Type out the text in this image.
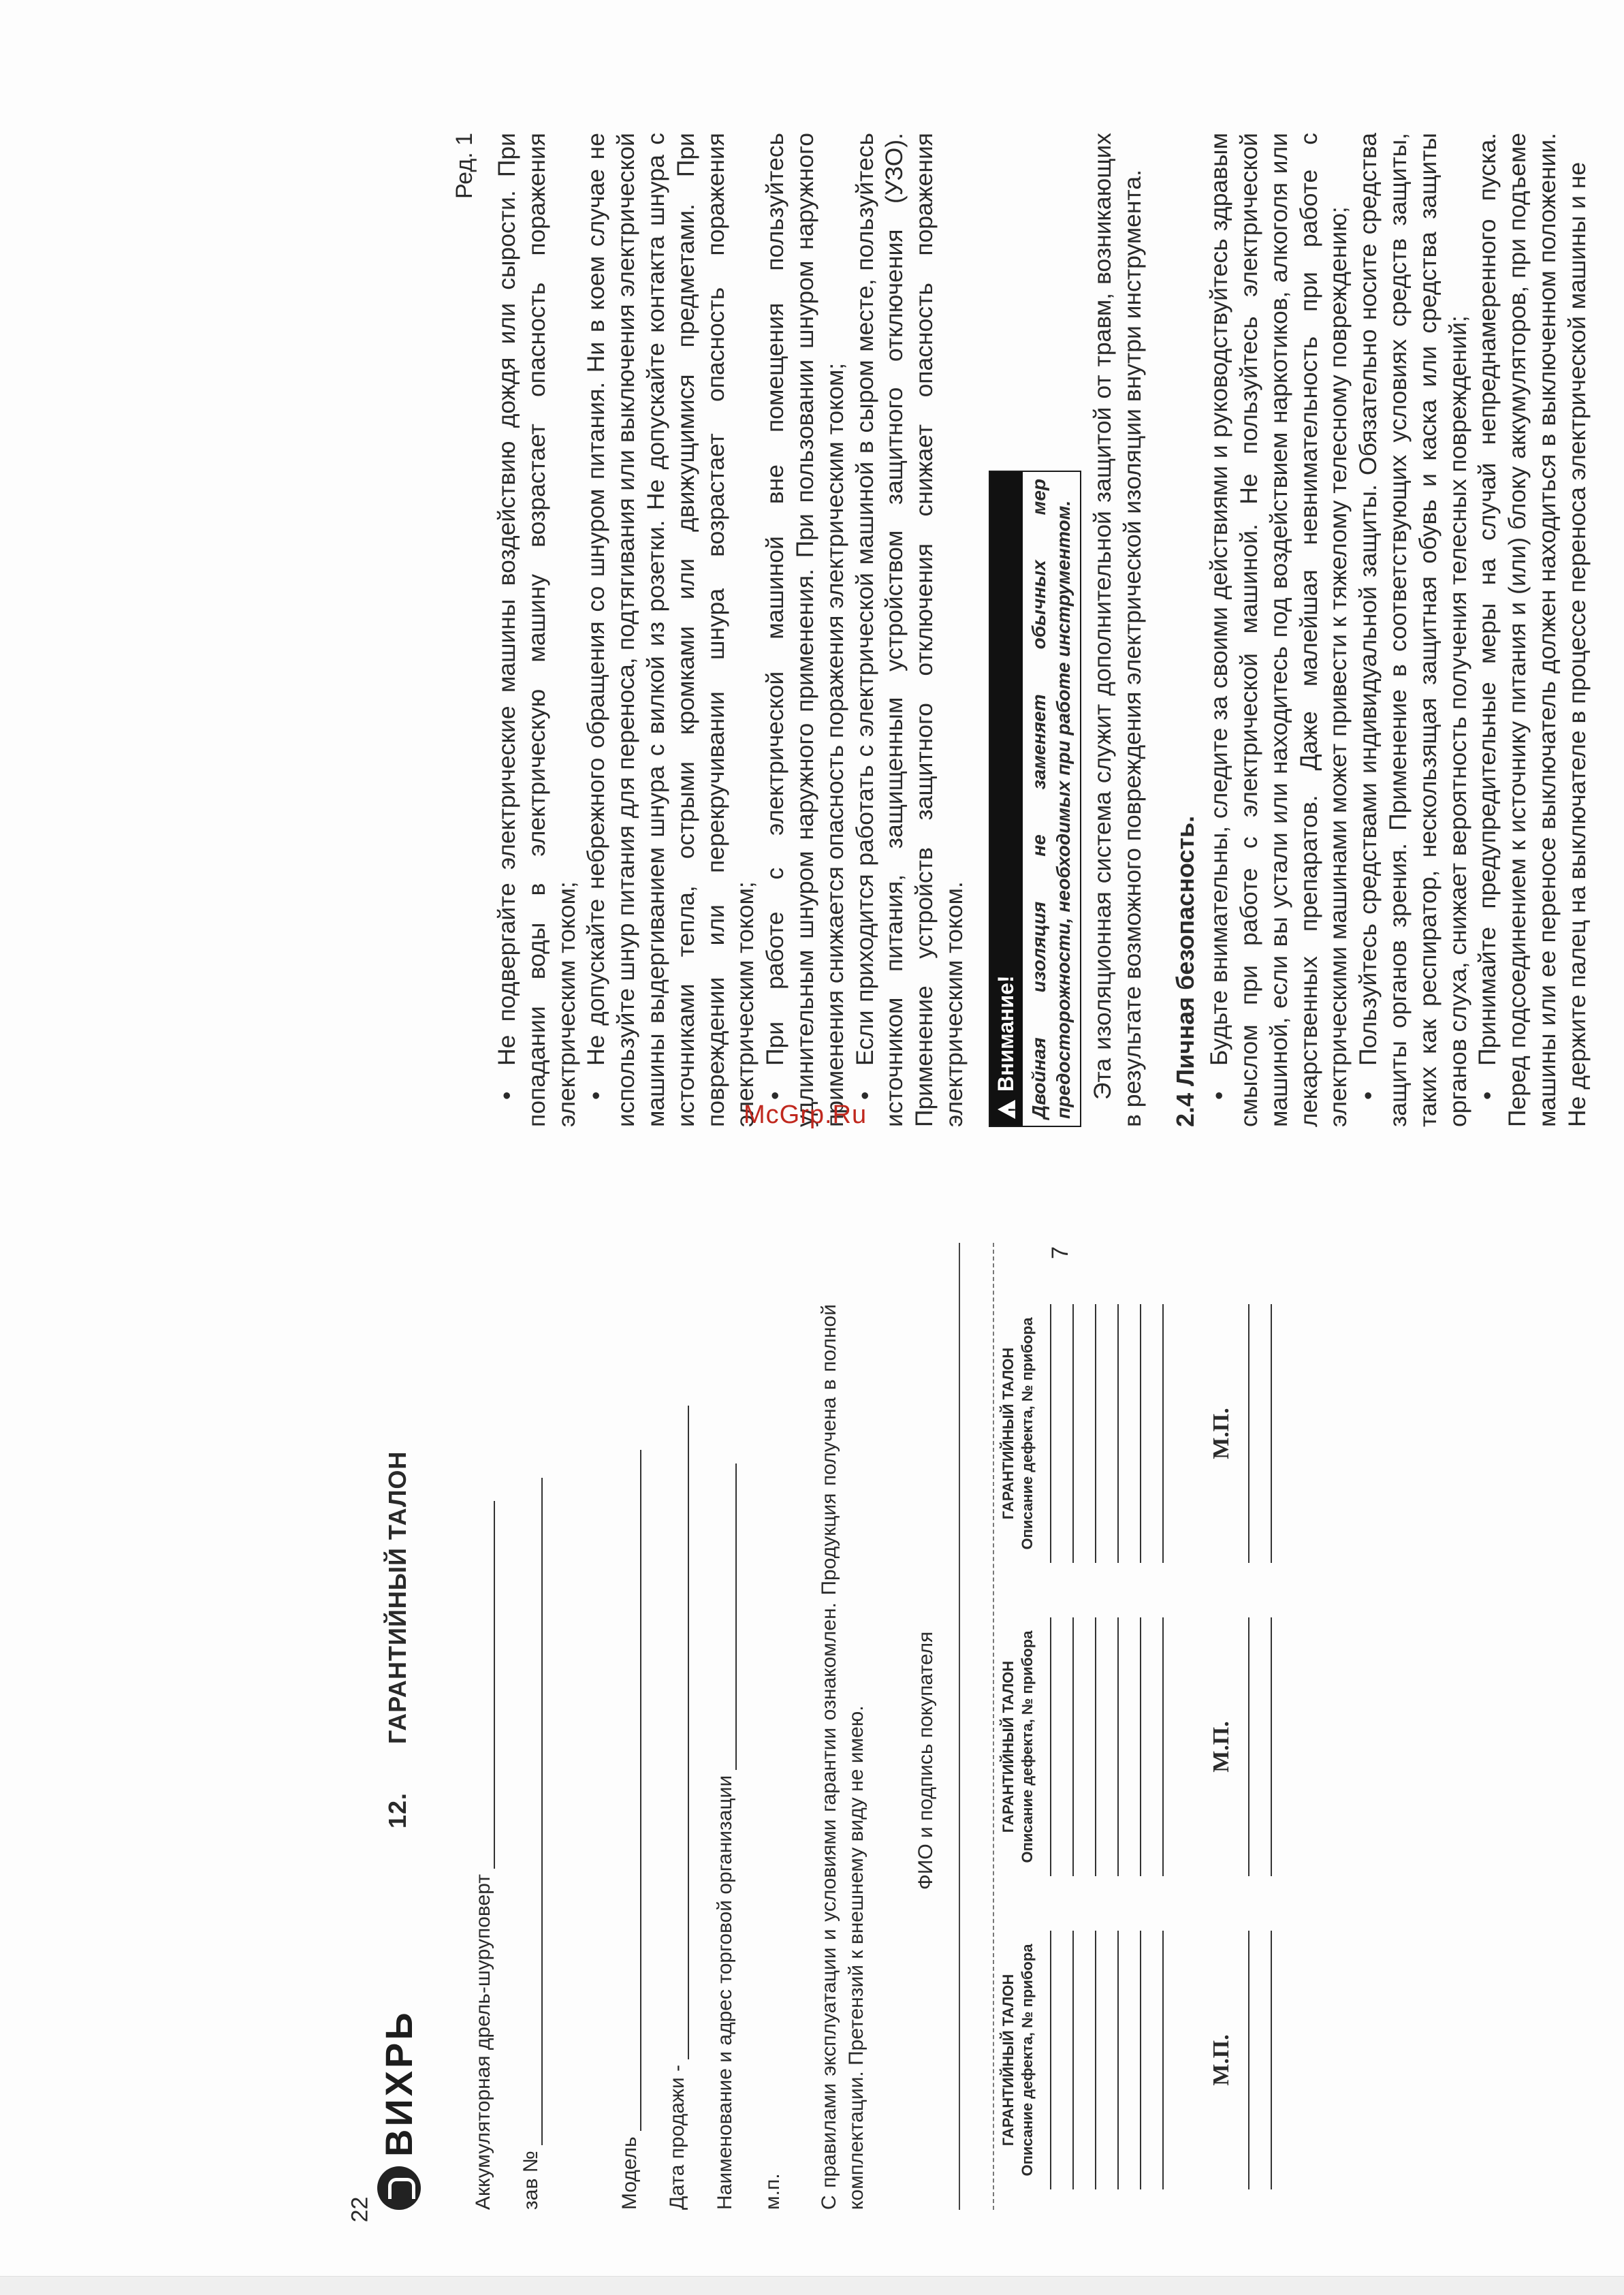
Ред. 1 • Не подвергайте электрические машины воздействию дождя или сырости. При попадании воды в электрическую машину возрастает опасность поражения электрическим током; • Не допускайте небрежного обращения со шнуром питания. Ни в коем случае не используйте шнур питания для переноса, подтягивания или выключения электрической машины выдергиванием шнура с вилкой из розетки. Не допускайте контакта шнура с источниками тепла, острыми кромками или движущимися предметами. При повреждении или перекручивании шнура возрастает опасность поражения электрическим током; • При работе с электрической машиной вне помещения пользуйтесь удлинительным шнуром наружного применения. При пользовании шнуром наружного применения снижается опасность поражения электрическим током; • Если приходится работать с электрической машиной в сыром месте, пользуйтесь источником питания, защищенным устройством защитного отключения (УЗО). Применение устройств защитного отключения снижает опасность поражения электрическим током.

! Внимание! Двойная изоляция не заменяет обычных мер предосторожности, необходимых при работе инструментом. Эта изоляционная система служит дополнительной защитой от травм, возникающих в результате возможного повреждения электрической изоляции внутри инструмента. 2.4 Личная безопасность. • Будьте внимательны, следите за своими действиями и руководствуйтесь здравым смыслом при работе с электрической машиной. Не пользуйтесь электрической машиной, если вы устали или находитесь под воздействием наркотиков, алкоголя или лекарственных препаратов. Даже малейшая невнимательность при работе с электрическими машинами может привести к тяжелому телесному повреждению; • Пользуйтесь средствами индивидуальной защиты. Обязательно носите средства защиты органов зрения. Применение в соответствующих условиях средств защиты, таких как респиратор, нескользящая защитная обувь и каска или средства защиты органов слуха, снижает вероятность получения телесных повреждений; • Принимайте предупредительные меры на случай непреднамеренного пуска. Перед подсоединением к источнику питания и (или) блоку аккумуляторов, при подъеме машины или ее переносе выключатель должен находиться в выключенном положении. Не держите палец на выключателе в процессе переноса электрической машины и не

7
McGrp.Ru
ВИХРЬ
12. ГАРАНТИЙНЫЙ ТАЛОН
Аккумуляторная дрель-шуруповерт зав №	Модель Дата продажи - Наименование и адрес торговой организации м.п. С правилами эксплуатации и условиями гарантии ознакомлен. Продукция получена в полной комплектации. Претензий к внешнему виду не имею. ФИО и подпись покупателя
ГАРАНТИЙНЫЙ ТАЛОН Описание дефекта, № прибора	М.П.
ГАРАНТИЙНЫЙ ТАЛОН Описание дефекта, № прибора	М.П.
ГАРАНТИЙНЫЙ ТАЛОН Описание дефекта, № прибора	М.П.
22
